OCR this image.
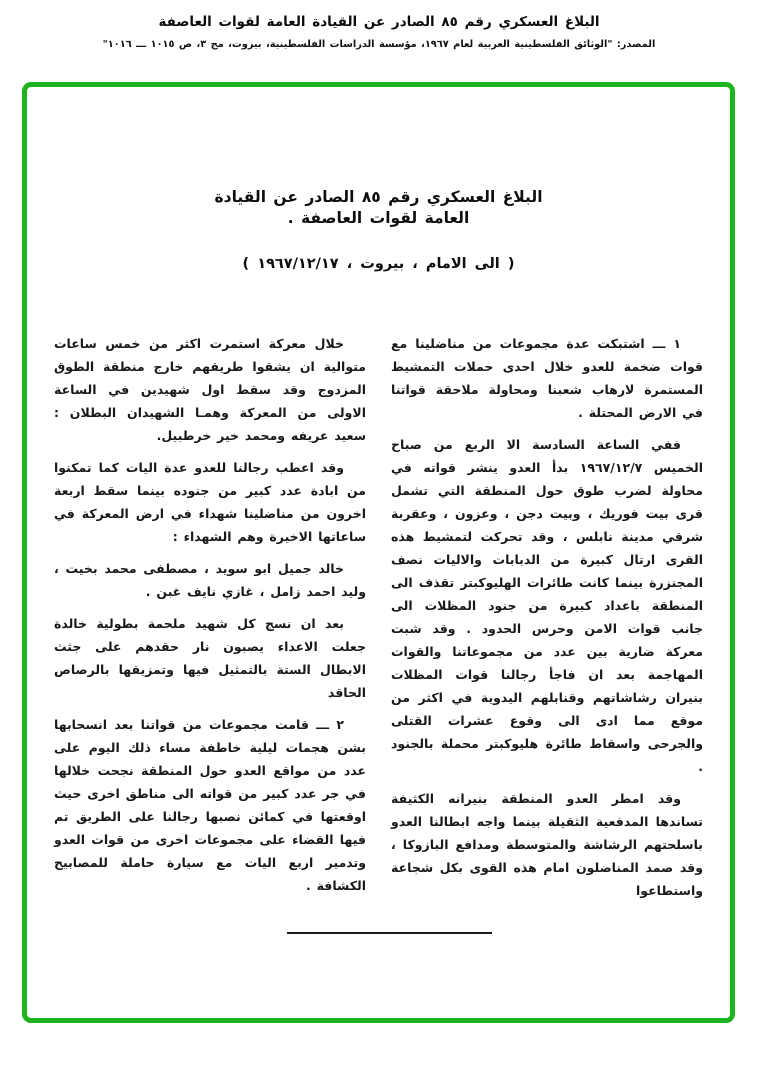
البلاغ العسكري رقم ٨٥ الصادر عن القيادة العامة لقوات العاصفة
المصدر: "الوثائق الفلسطينية العربية لعام ١٩٦٧، مؤسسة الدراسات الفلسطينية، بيروت، مج ٣، ص ١٠١٥ ـــ ١٠١٦"
البلاغ العسكري رقم ٨٥ الصادر عن القيادة
العامة لقوات العاصفة .
( الى الامام ، بيروت ، ١٩٦٧/١٢/١٧ )

١ ـــ اشتبكت عدة مجموعات من مناضلينا مع قوات ضخمة للعدو خلال احدى حملات التمشيط المستمرة لارهاب شعبنا ومحاولة ملاحقة قواتنا في الارض المحتلة .

ففي الساعة السادسة الا الربع من صباح الخميس ١٩٦٧/١٢/٧ بدأ العدو ينشر قواته في محاولة لضرب طوق حول المنطقة التي تشمل قرى بيت فوريك ، وبيت دجن ، وعزون ، وعقربة شرقي مدينة نابلس ، وقد تحركت لتمشيط هذه القرى ارتال كبيرة من الدبابات والاليات نصف المجنزرة بينما كانت طائرات الهليوكبتر تقذف الى المنطقة باعداد كبيرة من جنود المظلات الى جانب قوات الامن وحرس الحدود . وقد شبت معركة ضارية بين عدد من مجموعاتنا والقوات المهاجمة بعد ان فاجأ رجالنا قوات المظلات بنيران رشاشاتهم وقنابلهم اليدوية في اكثر من موقع مما ادى الى وقوع عشرات القتلى والجرحى واسقاط طائرة هليوكبتر محملة بالجنود .

وقد امطر العدو المنطقة بنيرانه الكثيفة تساندها المدفعية الثقيلة بينما واجه ابطالنا العدو باسلحتهم الرشاشة والمتوسطة ومدافع البازوكا ، وقد صمد المناضلون امام هذه القوى بكل شجاعة واستطاعوا

خلال معركة استمرت اكثر من خمس ساعات متوالية ان يشقوا طريقهم خارج منطقة الطوق المزدوج وقد سقط اول شهيدين في الساعة الاولى من المعركة وهمـا الشهيدان البطلان : سعيد عريفه ومحمد خير خرطبيل.

وقد اعطب رجالنا للعدو عدة اليات كما تمكنوا من ابادة عدد كبير من جنوده بينما سقط اربعة اخرون من مناضلينا شهداء في ارض المعركة في ساعاتها الاخيرة وهم الشهداء :

خالد جميل ابو سويد ، مصطفى محمد بخيت ، وليد احمد زامل ، غازي نايف غبن .

بعد ان نسج كل شهيد ملحمة بطولية خالدة جعلت الاعداء يصبون نار حقدهم على جثث الابطال الستة بالتمثيل فيها وتمزيقها بالرصاص الحاقد

٢ ـــ قامت مجموعات من قواتنا بعد انسحابها بشن هجمات ليلية خاطفة مساء ذلك اليوم على عدد من مواقع العدو حول المنطقة نجحت خلالها في جر عدد كبير من قواته الى مناطق اخرى حيث اوقعتها في كمائن نصبها رجالنا على الطريق تم فيها القضاء على مجموعات اخرى من قوات العدو وتدمير اربع اليات مع سيارة حاملة للمصابيح الكشافة .
